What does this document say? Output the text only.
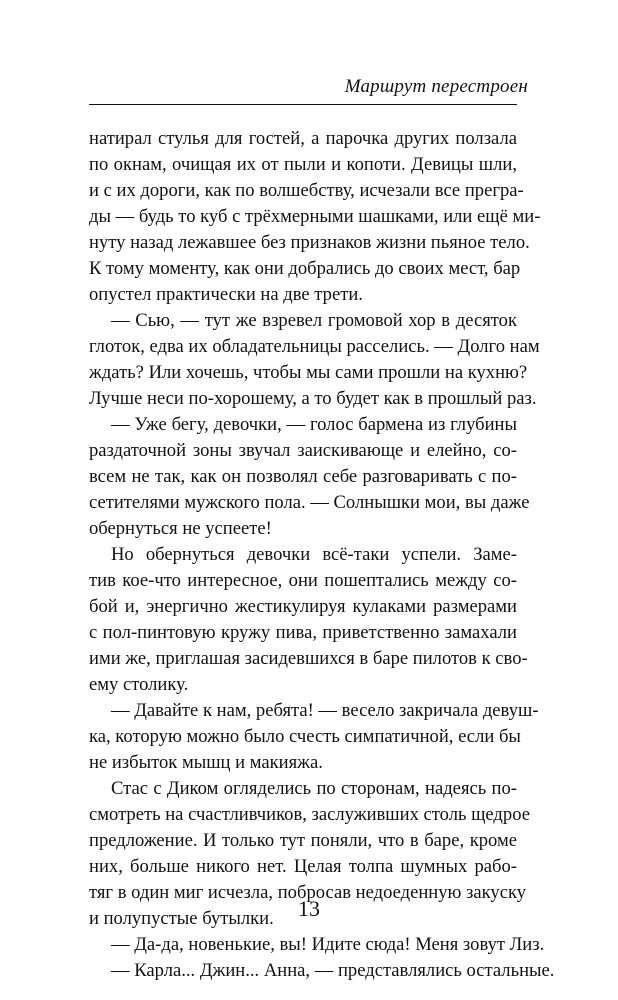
Маршрут перестроен
натирал стулья для гостей, а парочка других ползала
по окнам, очищая их от пыли и копоти. Девицы шли,
и с их дороги, как по волшебству, исчезали все прегра-
ды — будь то куб с трёхмерными шашками, или ещё ми-
нуту назад лежавшее без признаков жизни пьяное тело.
К тому моменту, как они добрались до своих мест, бар
опустел практически на две трети.
— Сью, — тут же взревел громовой хор в десяток
глоток, едва их обладательницы расселись. — Долго нам
ждать? Или хочешь, чтобы мы сами прошли на кухню?
Лучше неси по-хорошему, а то будет как в прошлый раз.
— Уже бегу, девочки, — голос бармена из глубины
раздаточной зоны звучал заискивающе и елейно, со-
всем не так, как он позволял себе разговаривать с по-
сетителями мужского пола. — Солнышки мои, вы даже
обернуться не успеете!
Но обернуться девочки всё-таки успели. Заме-
тив кое-что интересное, они пошептались между со-
бой и, энергично жестикулируя кулаками размерами
с пол-пинтовую кружу пива, приветственно замахали
ими же, приглашая засидевшихся в баре пилотов к сво-
ему столику.
— Давайте к нам, ребята! — весело закричала девуш-
ка, которую можно было счесть симпатичной, если бы
не избыток мышц и макияжа.
Стас с Диком огляделись по сторонам, надеясь по-
смотреть на счастливчиков, заслуживших столь щедрое
предложение. И только тут поняли, что в баре, кроме
них, больше никого нет. Целая толпа шумных рабо-
тяг в один миг исчезла, побросав недоеденную закуску
и полупустые бутылки.
— Да-да, новенькие, вы! Идите сюда! Меня зовут Лиз.
— Карла... Джин... Анна, — представлялись остальные.
13
